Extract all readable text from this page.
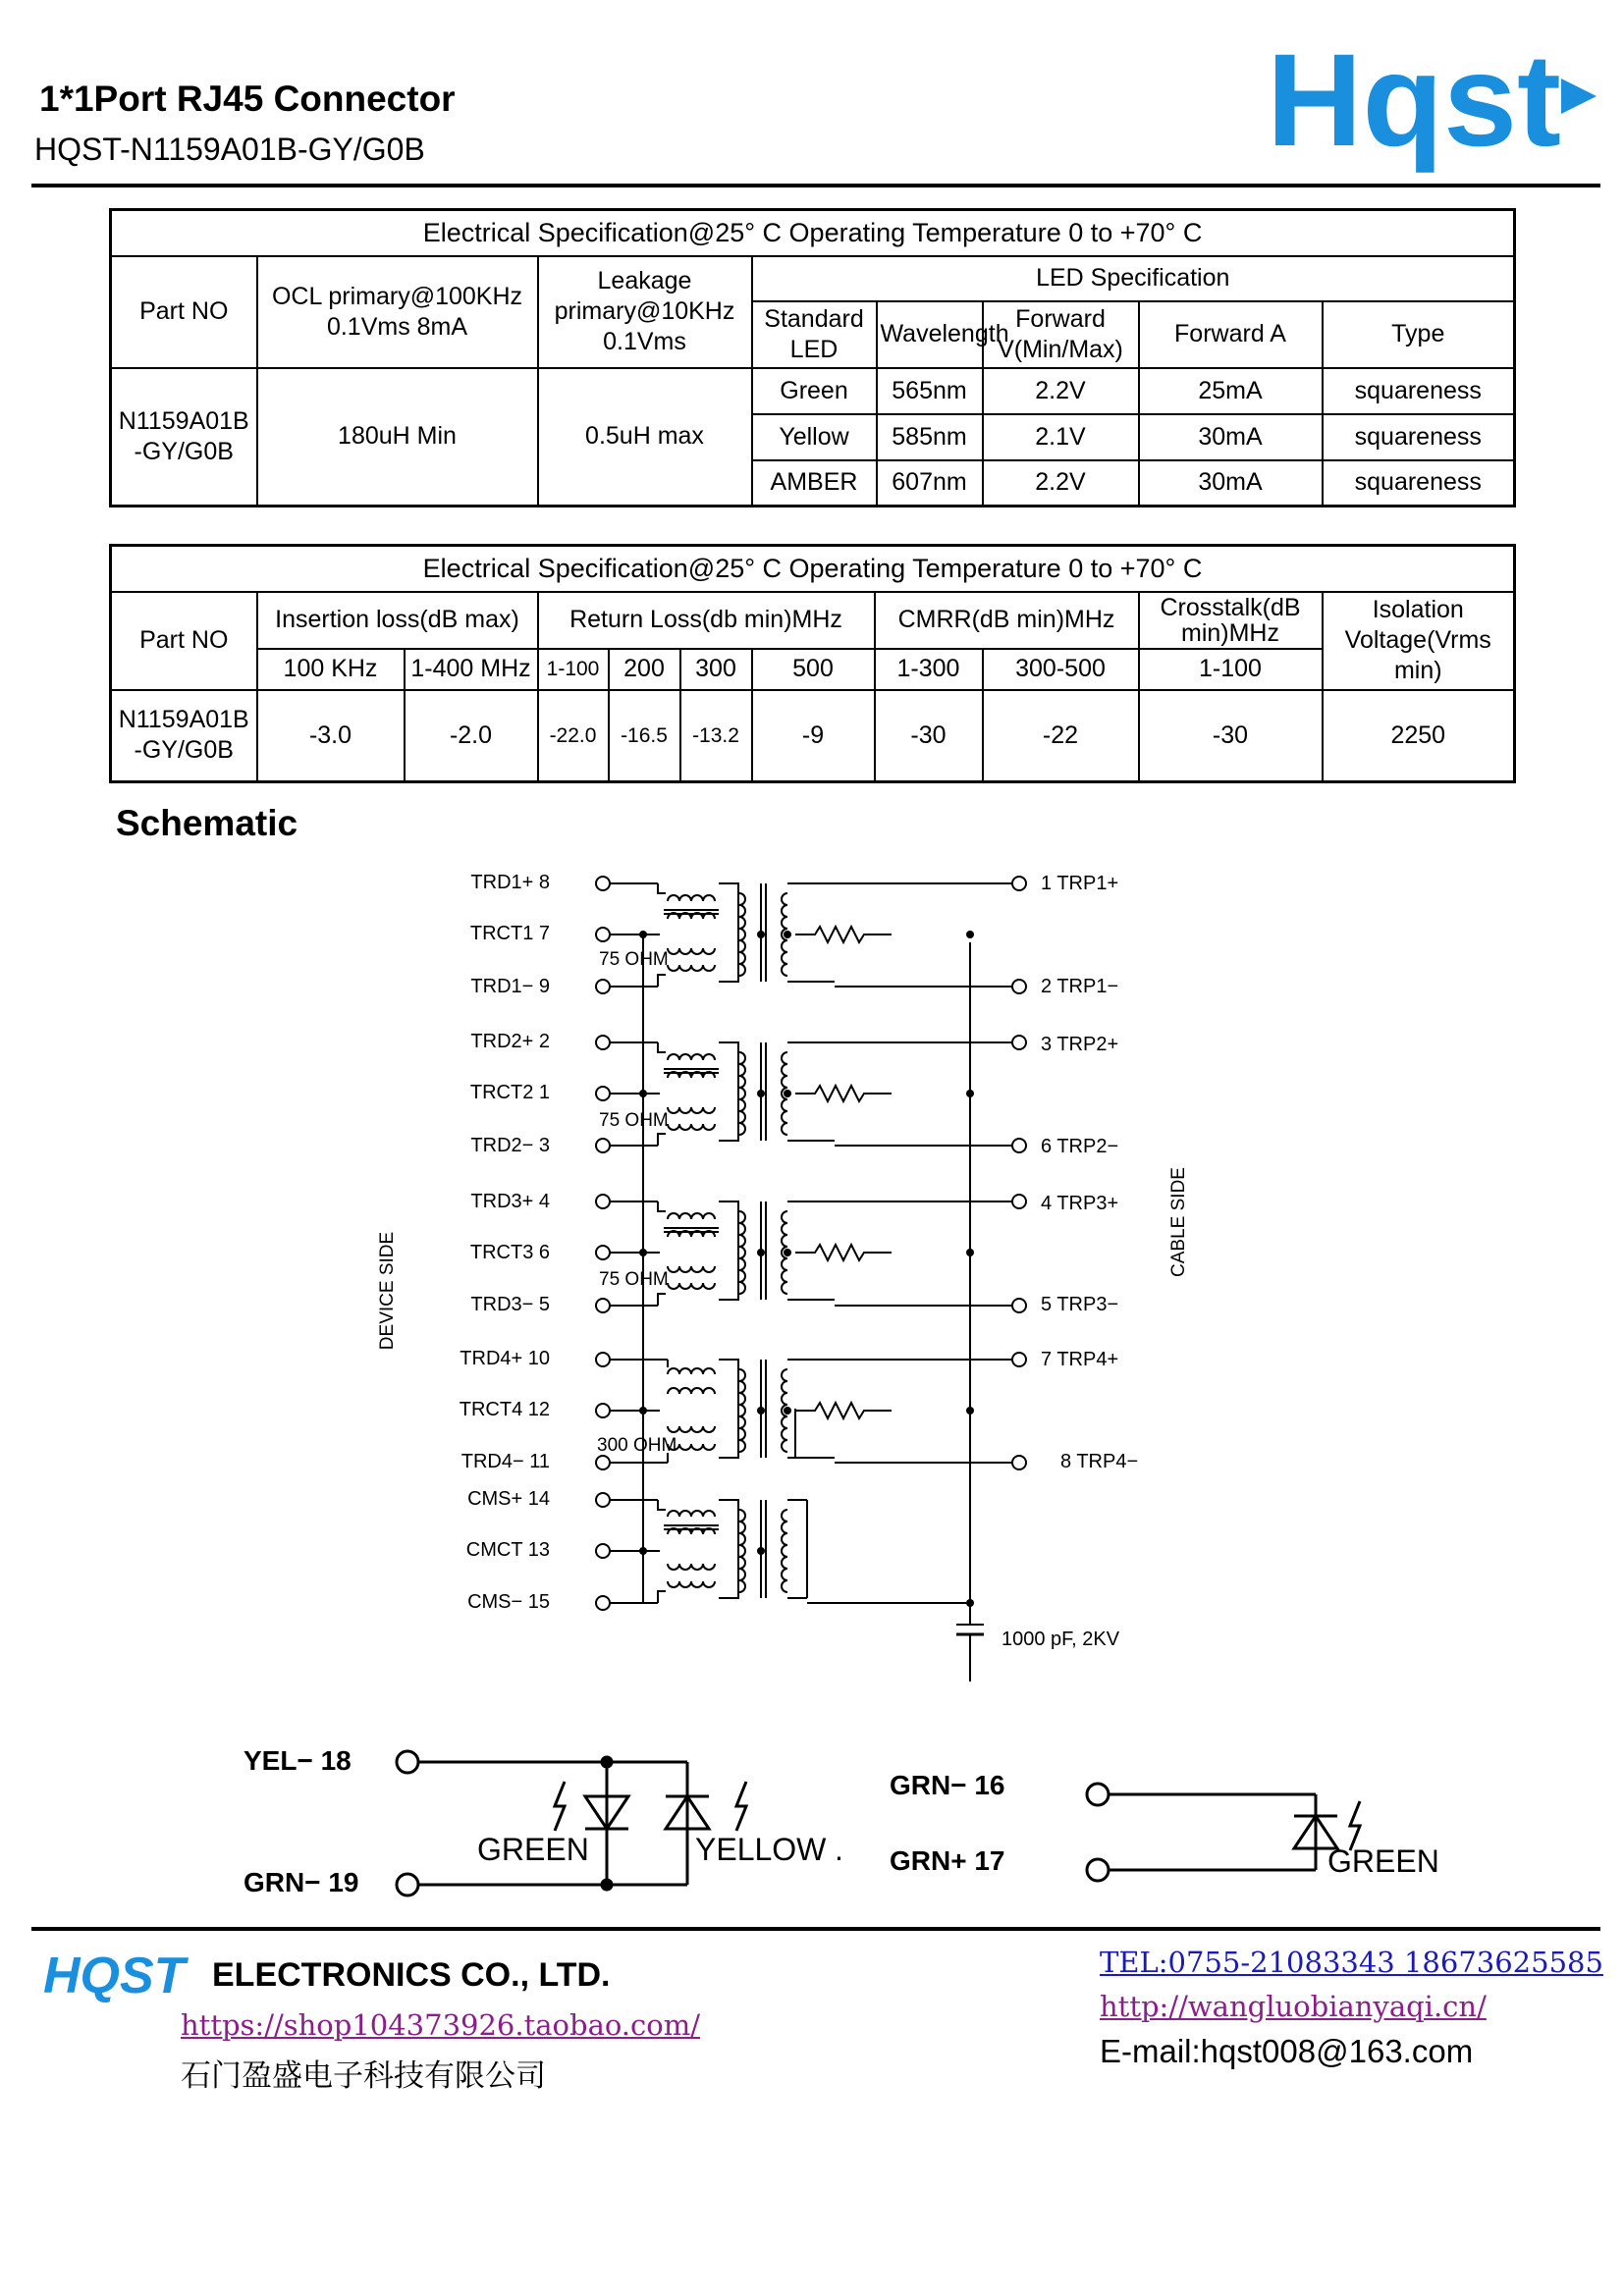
1*1Port RJ45 Connector
HQST-N1159A01B-GY/G0B	Hqst
Electrical Specification@25° C Operating Temperature 0 to +70° C							
Part NO	OCL primary@100KHz 0.1Vms 8mA	Leakage primary@10KHz 0.1Vms	LED Specification				
			Standard LED	Wavelength	Forward V(Min/Max)	Forward A	Type
N1159A01B -GY/G0B	180uH Min	0.5uH max	Green	565nm	2.2V	25mA	squareness
			Yellow	585nm	2.1V	30mA	squareness
			AMBER	607nm	2.2V	30mA	squareness
Electrical Specification@25° C Operating Temperature 0 to +70° C										
Part NO	Insertion loss(dB max)		Return Loss(db min)MHz				CMRR(dB min)MHz		Crosstalk(dB min)MHz	Isolation Voltage(Vrms min)
	100 KHz	1-400 MHz	1-100	200	300	500	1-300	300-500	1-100	
N1159A01B -GY/G0B	-3.0	-2.0	-22.0	-16.5	-13.2	-9	-30	-22	-30	2250
Schematic
DEVICE SIDE
CABLE SIDE
TRD1+ 8
TRCT1 7
TRD1− 9
TRD2+ 2
TRCT2 1
TRD2− 3
TRD3+ 4
TRCT3 6
TRD3− 5
TRD4+ 10
TRCT4 12
TRD4− 11
CMS+ 14
CMCT 13
CMS− 15
1 TRP1+
2 TRP1−
3 TRP2+
6 TRP2−
4 TRP3+
5 TRP3−
7 TRP4+
8 TRP4−
75 OHM
75 OHM
75 OHM
300 OHM
1000 pF, 2KV
YEL− 18
GRN− 19
GREEN	YELLOW .
GRN− 16
GRN+ 17	GREEN
HQST ELECTRONICS CO., LTD.
https://shop104373926.taobao.com/
石门盈盛电子科技有限公司
TEL:0755-21083343 18673625585
http://wangluobianyaqi.cn/
E-mail:hqst008@163.com
